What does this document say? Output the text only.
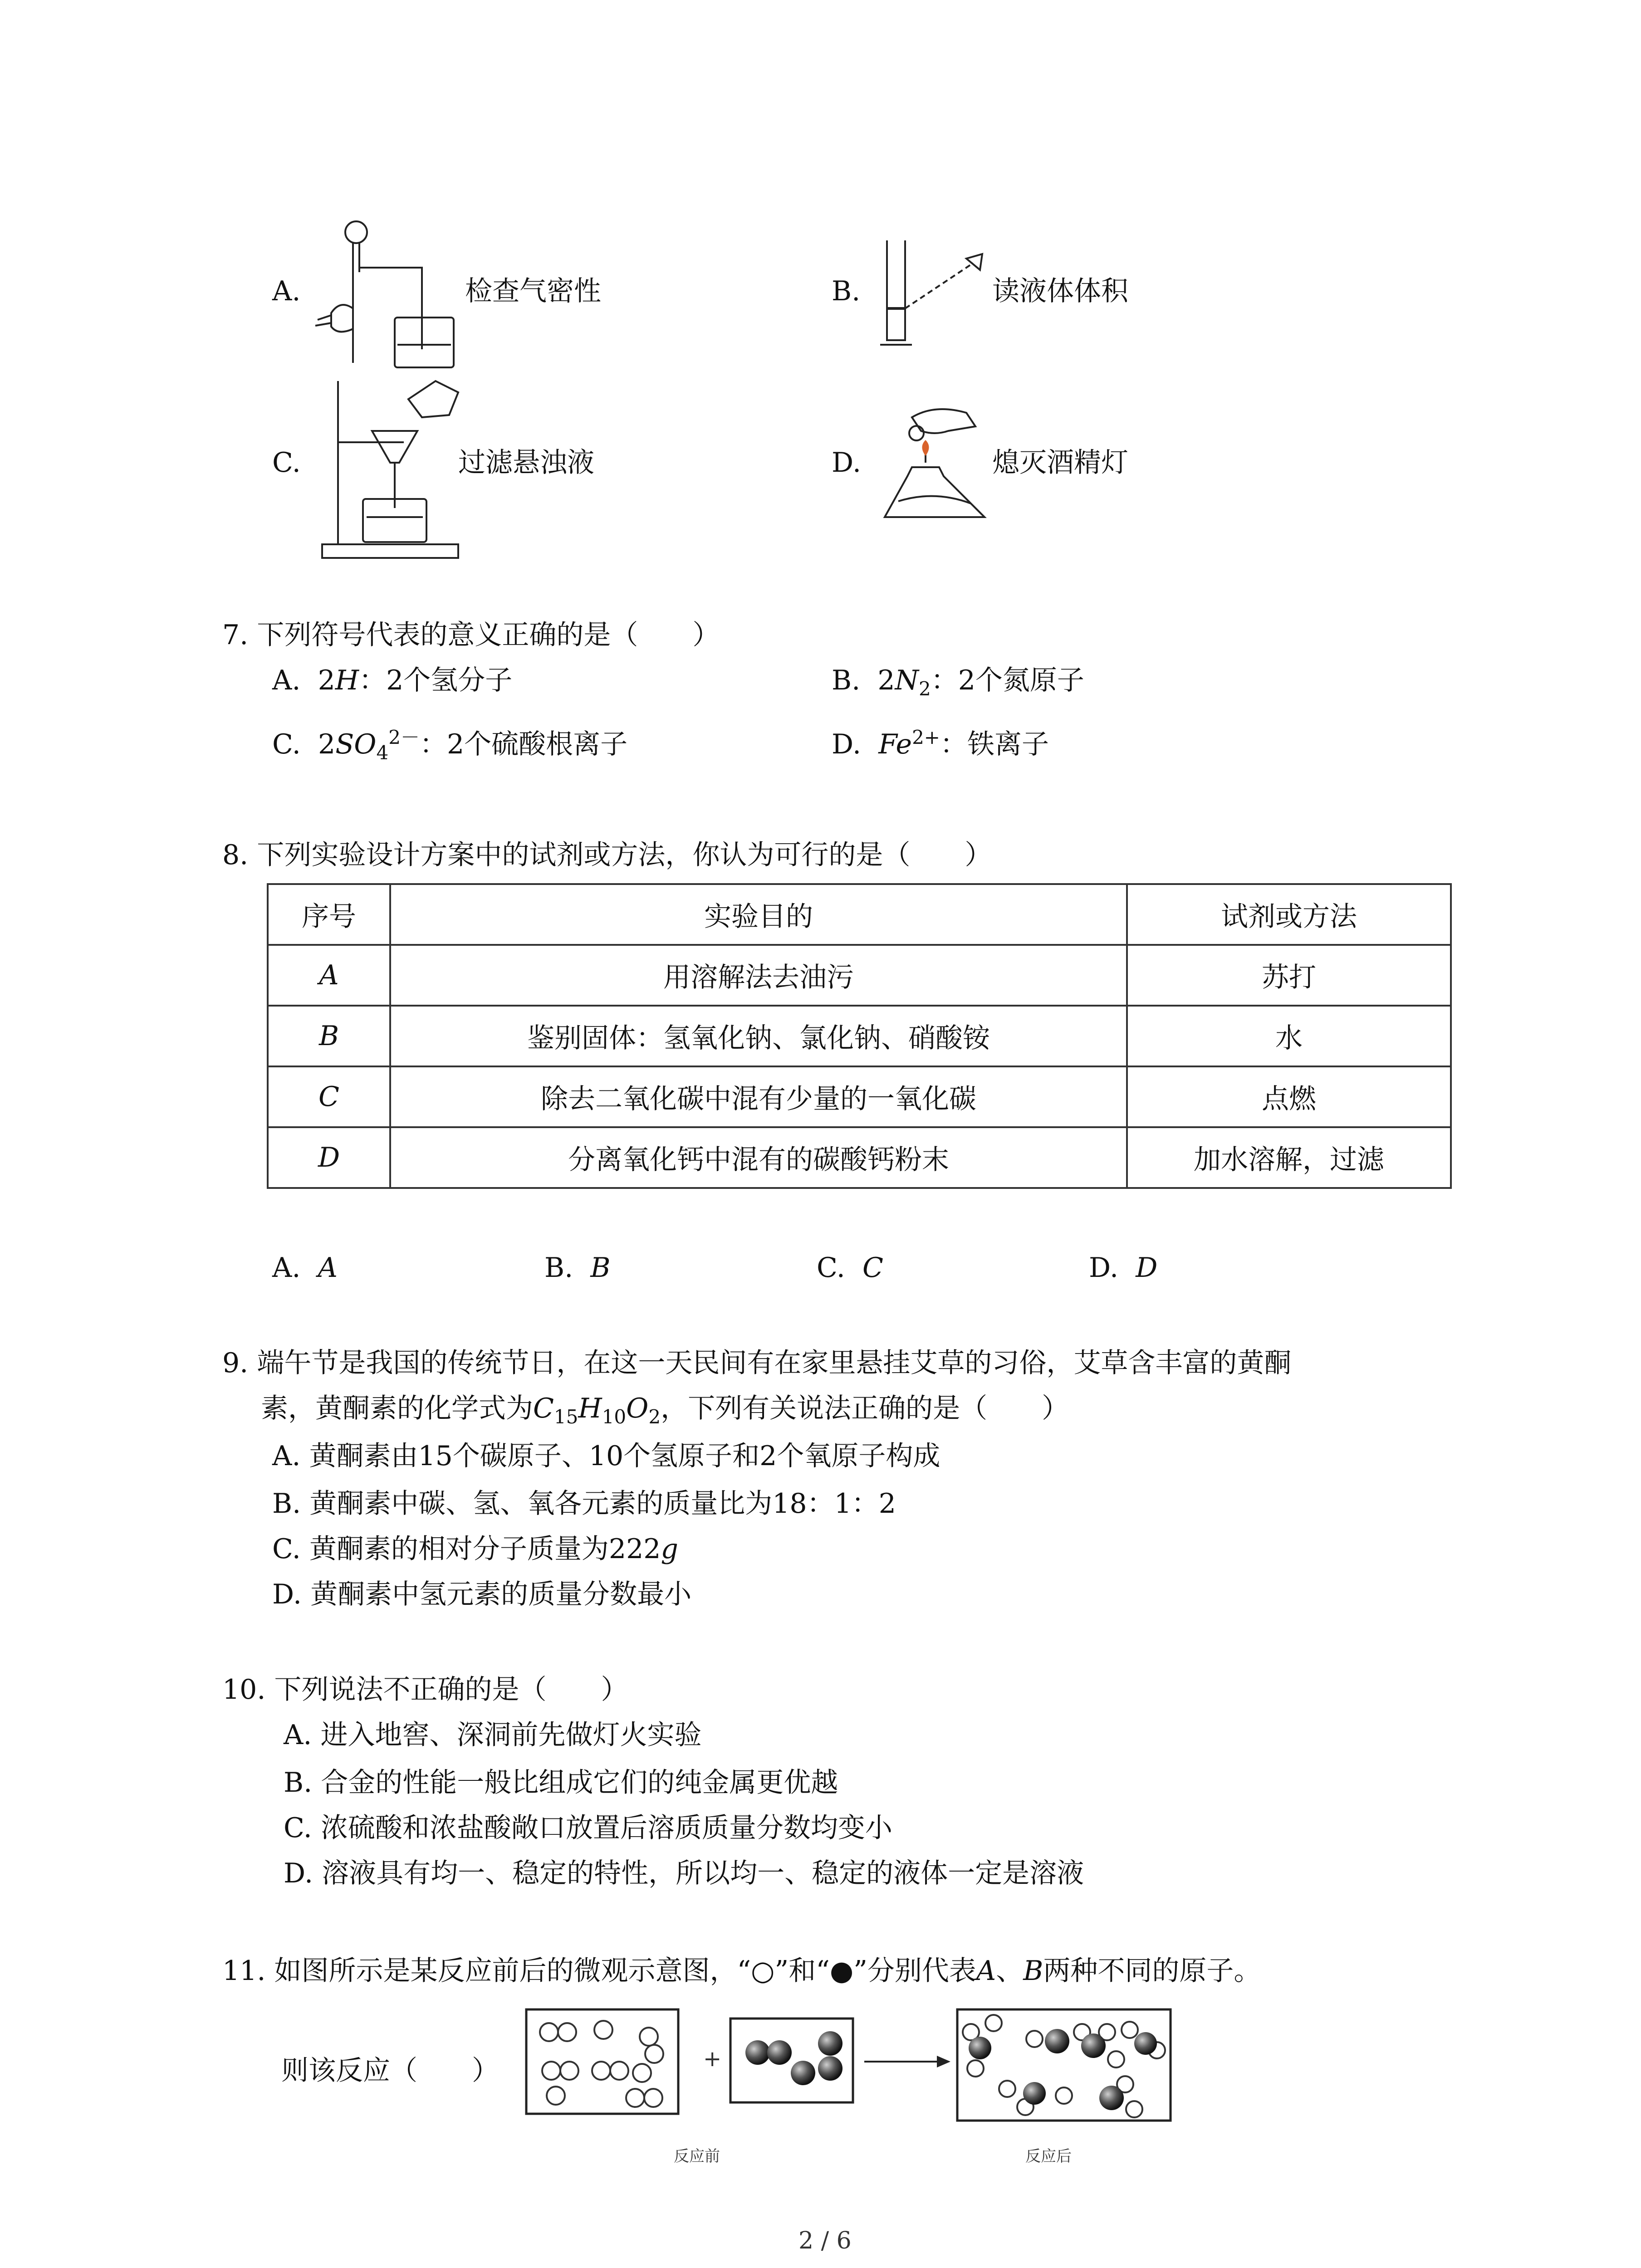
A.	检查气密性	B.	读液体体积
C.	过滤悬浊液	D.	熄灭酒精灯
7. 下列符号代表的意义正确的是（　　）
A. 2H：2个氢分子	B. $2N_2$：2个氮原子
C. $2SO_4^{2-}$：2个硫酸根离子	D. $Fe^{2+}$：铁离子
8. 下列实验设计方案中的试剂或方法，你认为可行的是（　　）
序号	实验目的	试剂或方法
A	用溶解法去油污	苏打
B	鉴别固体：氢氧化钠、氯化钠、硝酸铵	水
C	除去二氧化碳中混有少量的一氧化碳	点燃
D	分离氧化钙中混有的碳酸钙粉末	加水溶解，过滤
A. A	B. B	C. C	D. D
9. 端午节是我国的传统节日，在这一天民间有在家里悬挂艾草的习俗，艾草含丰富的黄酮
素，黄酮素的化学式为$C_{15}H_{10}O_2$，下列有关说法正确的是（　　）
A. 黄酮素由15个碳原子、10个氢原子和2个氧原子构成
B. 黄酮素中碳、氢、氧各元素的质量比为18：1：2
C. 黄酮素的相对分子质量为222g
D. 黄酮素中氢元素的质量分数最小
10. 下列说法不正确的是（　　）
A. 进入地窖、深洞前先做灯火实验
B. 合金的性能一般比组成它们的纯金属更优越
C. 浓硫酸和浓盐酸敞口放置后溶质质量分数均变小
D. 溶液具有均一、稳定的特性，所以均一、稳定的液体一定是溶液
11. 如图所示是某反应前后的微观示意图，“○”和“●”分别代表A、B两种不同的原子。
则该反应（　　）	+
反应前	反应后
2 / 6
